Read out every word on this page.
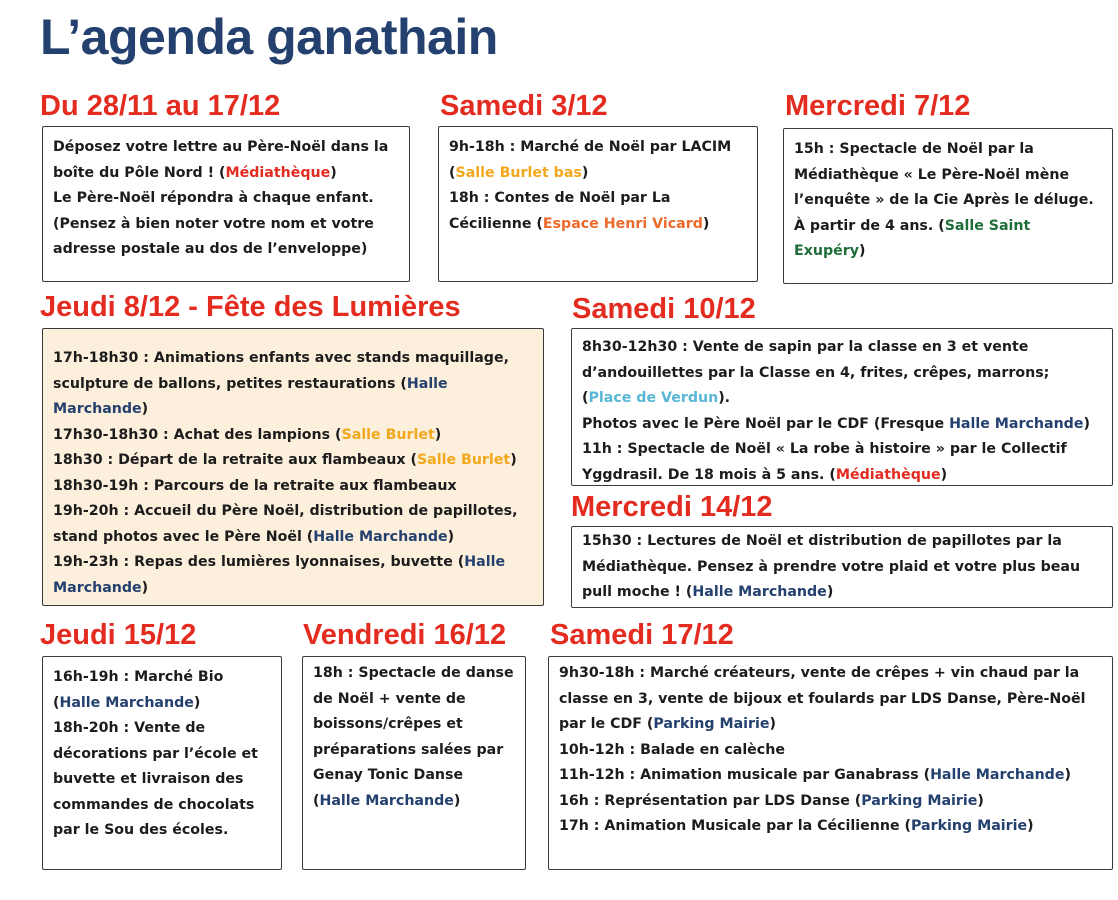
L’agenda ganathain
Du 28/11 au 17/12

Déposez votre lettre au Père-Noël dans la boîte du Pôle Nord ! (Médiathèque)

Le Père-Noël répondra à chaque enfant. (Pensez à bien noter votre nom et votre adresse postale au dos de l’enveloppe)

Samedi 3/12

9h-18h : Marché de Noël par LACIM (Salle Burlet bas)

18h : Contes de Noël par La Cécilienne (Espace Henri Vicard)

Mercredi 7/12

15h : Spectacle de Noël par la Médiathèque « Le Père-Noël mène l’enquête » de la Cie Après le déluge. À partir de 4 ans. (Salle Saint Exupéry)

Jeudi 8/12 - Fête des Lumières

17h-18h30 : Animations enfants avec stands maquillage, sculpture de ballons, petites restaurations (Halle Marchande)

17h30-18h30 : Achat des lampions (Salle Burlet)

18h30 : Départ de la retraite aux flambeaux (Salle Burlet)

18h30-19h : Parcours de la retraite aux flambeaux

19h-20h : Accueil du Père Noël, distribution de papillotes, stand photos avec le Père Noël (Halle Marchande)

19h-23h : Repas des lumières lyonnaises, buvette (Halle Marchande)

Samedi 10/12

8h30-12h30 : Vente de sapin par la classe en 3 et vente d’andouillettes par la Classe en 4, frites, crêpes, marrons; (Place de Verdun).

Photos avec le Père Noël par le CDF (Fresque Halle Marchande)

11h : Spectacle de Noël « La robe à histoire » par le Collectif Yggdrasil. De 18 mois à 5 ans. (Médiathèque)

Mercredi 14/12

15h30 : Lectures de Noël et distribution de papillotes par la Médiathèque. Pensez à prendre votre plaid et votre plus beau pull moche ! (Halle Marchande)

Jeudi 15/12

16h-19h : Marché Bio (Halle Marchande)

18h-20h : Vente de décorations par l’école et buvette et livraison des commandes de chocolats par le Sou des écoles.

Vendredi 16/12

18h : Spectacle de danse de Noël + vente de boissons/crêpes et préparations salées par Genay Tonic Danse (Halle Marchande)

Samedi 17/12

9h30-18h : Marché créateurs, vente de crêpes + vin chaud par la classe en 3, vente de bijoux et foulards par LDS Danse, Père-Noël par le CDF (Parking Mairie)

10h-12h : Balade en calèche

11h-12h : Animation musicale par Ganabrass (Halle Marchande)

16h : Représentation par LDS Danse (Parking Mairie)

17h : Animation Musicale par la Cécilienne (Parking Mairie)
